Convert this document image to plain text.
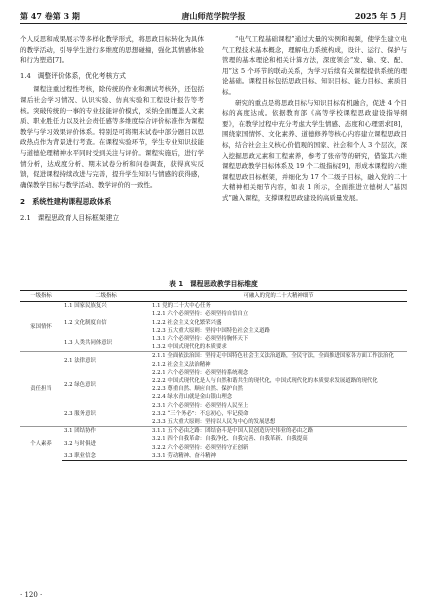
第 47 卷第 3 期	唐山师范学院学报	2025 年 5 月

个人反思和成果展示等多样化教学形式，将思政目标转化为具体的教学活动，引导学生进行多维度的思想碰撞，强化其情感体验和行为塑造[7]。

1.4　调整评价体系，优化考核方式

课程注重过程性考核，除传统的作业和测试考核外，还包括课后社会学习情况、认识实验、仿真实验和工程设计报告等考核。突破传统的一事的专业技能评价模式，采纳全面覆盖人文素质、职业胜任力以及社会责任感等多维度综合评价标准作为课程教学与学习效果评价体系。特别是可将期末试卷中部分题目以思政热点作为背景进行考查。在课程实验环节，学生专业知识技能与道德伦理精神水平同时受到关注与评价。课程实施后，进行学情分析，达成度分析、期末试卷分析和问卷调查，获得真实反馈，促进课程持续改进与完善，提升学生知识与情感的获得感，确保教学目标与教学活动、教学评价的一致性。

2　系统性建构课程思政体系

2.1　课程思政育人目标框架建立

“电气工程基础课程”通过大量的实例和视频，使学生建立电气工程技术基本概念，理解电力系统构成，设计、运行、保护与管理的基本理论和相关计算方法，深度领会“发、输、变、配、用”这 5 个环节的联动关系，为学习后续有关课程提供系统的理论基础。课程目标包括思政目标、知识目标、能力目标、素质目标。

研究的重点是将思政目标与知识目标有机融合，促进 4 个目标的高度达成。依据教育部《高等学校课程思政建设指导纲要》，在教学过程中充分考虑大学生情感、态度和心理需求[8]，围绕家国情怀、文化素养、道德修养等核心内容建立课程思政目标，结合社会主义核心价值观的国家、社会和个人 3 个层次，深入挖掘思政元素和工程素养，参考了张帝等的研究，借鉴其六维课程思政教学目标体系及 19 个二级指标[9]，形成本课程的六维课程思政目标框架，并细化为 17 个二级子目标，融入党的二十大精神相关细节内容，如表 1 所示，全面推进立德树人“基因式”融入课程，支撑课程思政建设的高质量发展。

表 1　课程思政教学目标维度
一级指标	二级指标	可融入的党的二十大精神细节
家国情怀	1.1 国家民族复兴	1.1 党的二十大中心任务
	1.2 文化制度自信	1.2.1 六个必须坚持：必须坚持自信自立
		1.2.2 社会主义文化繁荣兴盛
		1.2.3 五大重大原则：坚持中国特色社会主义道路
	1.3 人类共同体意识	1.3.1 六个必须坚持：必须坚持胸怀天下
		1.3.2 中国式现代化的本质要求
责任担当	2.1 法律意识	2.1.1 全面依法治国：坚持走中国特色社会主义法治道路，全民守法，全面推进国家各方面工作法治化
		2.1.2 社会主义法治精神
	2.2 绿色意识	2.2.1 六个必须坚持：必须坚持系统观念
		2.2.2 中国式现代化是人与自然和谐共生的现代化，中国式现代化的本质要求发展道路的现代化
		2.2.3 尊重自然、顺应自然、保护自然
		2.2.4 绿水青山就是金山银山理念
	2.3 服务意识	2.3.1 六个必须坚持：必须坚持人民至上
		2.3.2 “三个务必”：不忘初心，牢记使命
		2.3.3 五大重大原则：坚持以人民为中心的发展思想
个人素养	3.1 团结协作	3.1.1 五个必由之路：团结奋斗是中国人民创造历史伟业的必由之路
	3.2 与时俱进	3.2.1 四个自我革命：自我净化、自我完善、自我革新、自我提高
		3.2.2 六个必须坚持：必须坚持守正创新
	3.3 职业信念	3.3.1 劳动精神、奋斗精神
· 120 ·
